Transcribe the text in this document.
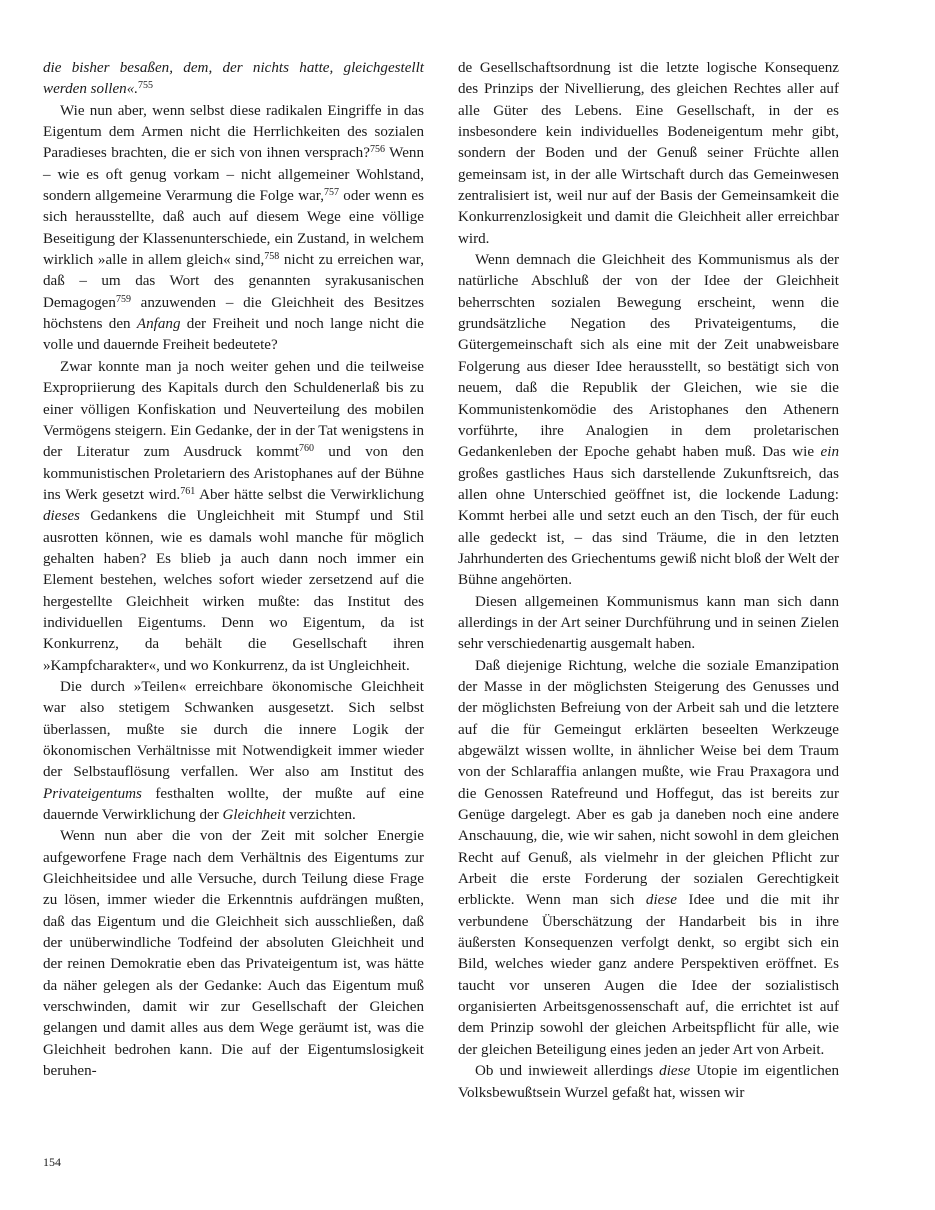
die bisher besaßen, dem, der nichts hatte, gleichgestellt werden sollen«.$^{755}$

Wie nun aber, wenn selbst diese radikalen Eingriffe in das Eigentum dem Armen nicht die Herrlichkeiten des sozialen Paradieses brachten, die er sich von ihnen versprach?$^{756}$ Wenn – wie es oft genug vorkam – nicht allgemeiner Wohlstand, sondern allgemeine Verarmung die Folge war,$^{757}$ oder wenn es sich herausstellte, daß auch auf diesem Wege eine völlige Beseitigung der Klassenunterschiede, ein Zustand, in welchem wirklich »alle in allem gleich« sind,$^{758}$ nicht zu erreichen war, daß – um das Wort des genannten syrakusanischen Demagogen$^{759}$ anzuwenden – die Gleichheit des Besitzes höchstens den Anfang der Freiheit und noch lange nicht die volle und dauernde Freiheit bedeutete?

Zwar konnte man ja noch weiter gehen und die teilweise Expropriierung des Kapitals durch den Schuldenerlaß bis zu einer völligen Konfiskation und Neuverteilung des mobilen Vermögens steigern. Ein Gedanke, der in der Tat wenigstens in der Literatur zum Ausdruck kommt$^{760}$ und von den kommunistischen Proletariern des Aristophanes auf der Bühne ins Werk gesetzt wird.$^{761}$ Aber hätte selbst die Verwirklichung dieses Gedankens die Ungleichheit mit Stumpf und Stil ausrotten können, wie es damals wohl manche für möglich gehalten haben? Es blieb ja auch dann noch immer ein Element bestehen, welches sofort wieder zersetzend auf die hergestellte Gleichheit wirken mußte: das Institut des individuellen Eigentums. Denn wo Eigentum, da ist Konkurrenz, da behält die Gesellschaft ihren »Kampfcharakter«, und wo Konkurrenz, da ist Ungleichheit.

Die durch »Teilen« erreichbare ökonomische Gleichheit war also stetigem Schwanken ausgesetzt. Sich selbst überlassen, mußte sie durch die innere Logik der ökonomischen Verhältnisse mit Notwendigkeit immer wieder der Selbstauflösung verfallen. Wer also am Institut des Privateigentums festhalten wollte, der mußte auf eine dauernde Verwirklichung der Gleichheit verzichten.

Wenn nun aber die von der Zeit mit solcher Energie aufgeworfene Frage nach dem Verhältnis des Eigentums zur Gleichheitsidee und alle Versuche, durch Teilung diese Frage zu lösen, immer wieder die Erkenntnis aufdrängen mußten, daß das Eigentum und die Gleichheit sich ausschließen, daß der unüberwindliche Todfeind der absoluten Gleichheit und der reinen Demokratie eben das Privateigentum ist, was hätte da näher gelegen als der Gedanke: Auch das Eigentum muß verschwinden, damit wir zur Gesellschaft der Gleichen gelangen und damit alles aus dem Wege geräumt ist, was die Gleichheit bedrohen kann. Die auf der Eigentumslosigkeit beruhen-

de Gesellschaftsordnung ist die letzte logische Konsequenz des Prinzips der Nivellierung, des gleichen Rechtes aller auf alle Güter des Lebens. Eine Gesellschaft, in der es insbesondere kein individuelles Bodeneigentum mehr gibt, sondern der Boden und der Genuß seiner Früchte allen gemeinsam ist, in der alle Wirtschaft durch das Gemeinwesen zentralisiert ist, weil nur auf der Basis der Gemeinsamkeit die Konkurrenzlosigkeit und damit die Gleichheit aller erreichbar wird.

Wenn demnach die Gleichheit des Kommunismus als der natürliche Abschluß der von der Idee der Gleichheit beherrschten sozialen Bewegung erscheint, wenn die grundsätzliche Negation des Privateigentums, die Gütergemeinschaft sich als eine mit der Zeit unabweisbare Folgerung aus dieser Idee herausstellt, so bestätigt sich von neuem, daß die Republik der Gleichen, wie sie die Kommunistenkomödie des Aristophanes den Athenern vorführte, ihre Analogien in dem proletarischen Gedankenleben der Epoche gehabt haben muß. Das wie ein großes gastliches Haus sich darstellende Zukunftsreich, das allen ohne Unterschied geöffnet ist, die lockende Ladung: Kommt herbei alle und setzt euch an den Tisch, der für euch alle gedeckt ist, – das sind Träume, die in den letzten Jahrhunderten des Griechentums gewiß nicht bloß der Welt der Bühne angehörten.

Diesen allgemeinen Kommunismus kann man sich dann allerdings in der Art seiner Durchführung und in seinen Zielen sehr verschiedenartig ausgemalt haben.

Daß diejenige Richtung, welche die soziale Emanzipation der Masse in der möglichsten Steigerung des Genusses und der möglichsten Befreiung von der Arbeit sah und die letztere auf die für Gemeingut erklärten beseelten Werkzeuge abgewälzt wissen wollte, in ähnlicher Weise bei dem Traum von der Schlaraffia anlangen mußte, wie Frau Praxagora und die Genossen Ratefreund und Hoffegut, das ist bereits zur Genüge dargelegt. Aber es gab ja daneben noch eine andere Anschauung, die, wie wir sahen, nicht sowohl in dem gleichen Recht auf Genuß, als vielmehr in der gleichen Pflicht zur Arbeit die erste Forderung der sozialen Gerechtigkeit erblickte. Wenn man sich diese Idee und die mit ihr verbundene Überschätzung der Handarbeit bis in ihre äußersten Konsequenzen verfolgt denkt, so ergibt sich ein Bild, welches wieder ganz andere Perspektiven eröffnet. Es taucht vor unseren Augen die Idee der sozialistisch organisierten Arbeitsgenossenschaft auf, die errichtet ist auf dem Prinzip sowohl der gleichen Arbeitspflicht für alle, wie der gleichen Beteiligung eines jeden an jeder Art von Arbeit.

Ob und inwieweit allerdings diese Utopie im eigentlichen Volksbewußtsein Wurzel gefaßt hat, wissen wir

154
